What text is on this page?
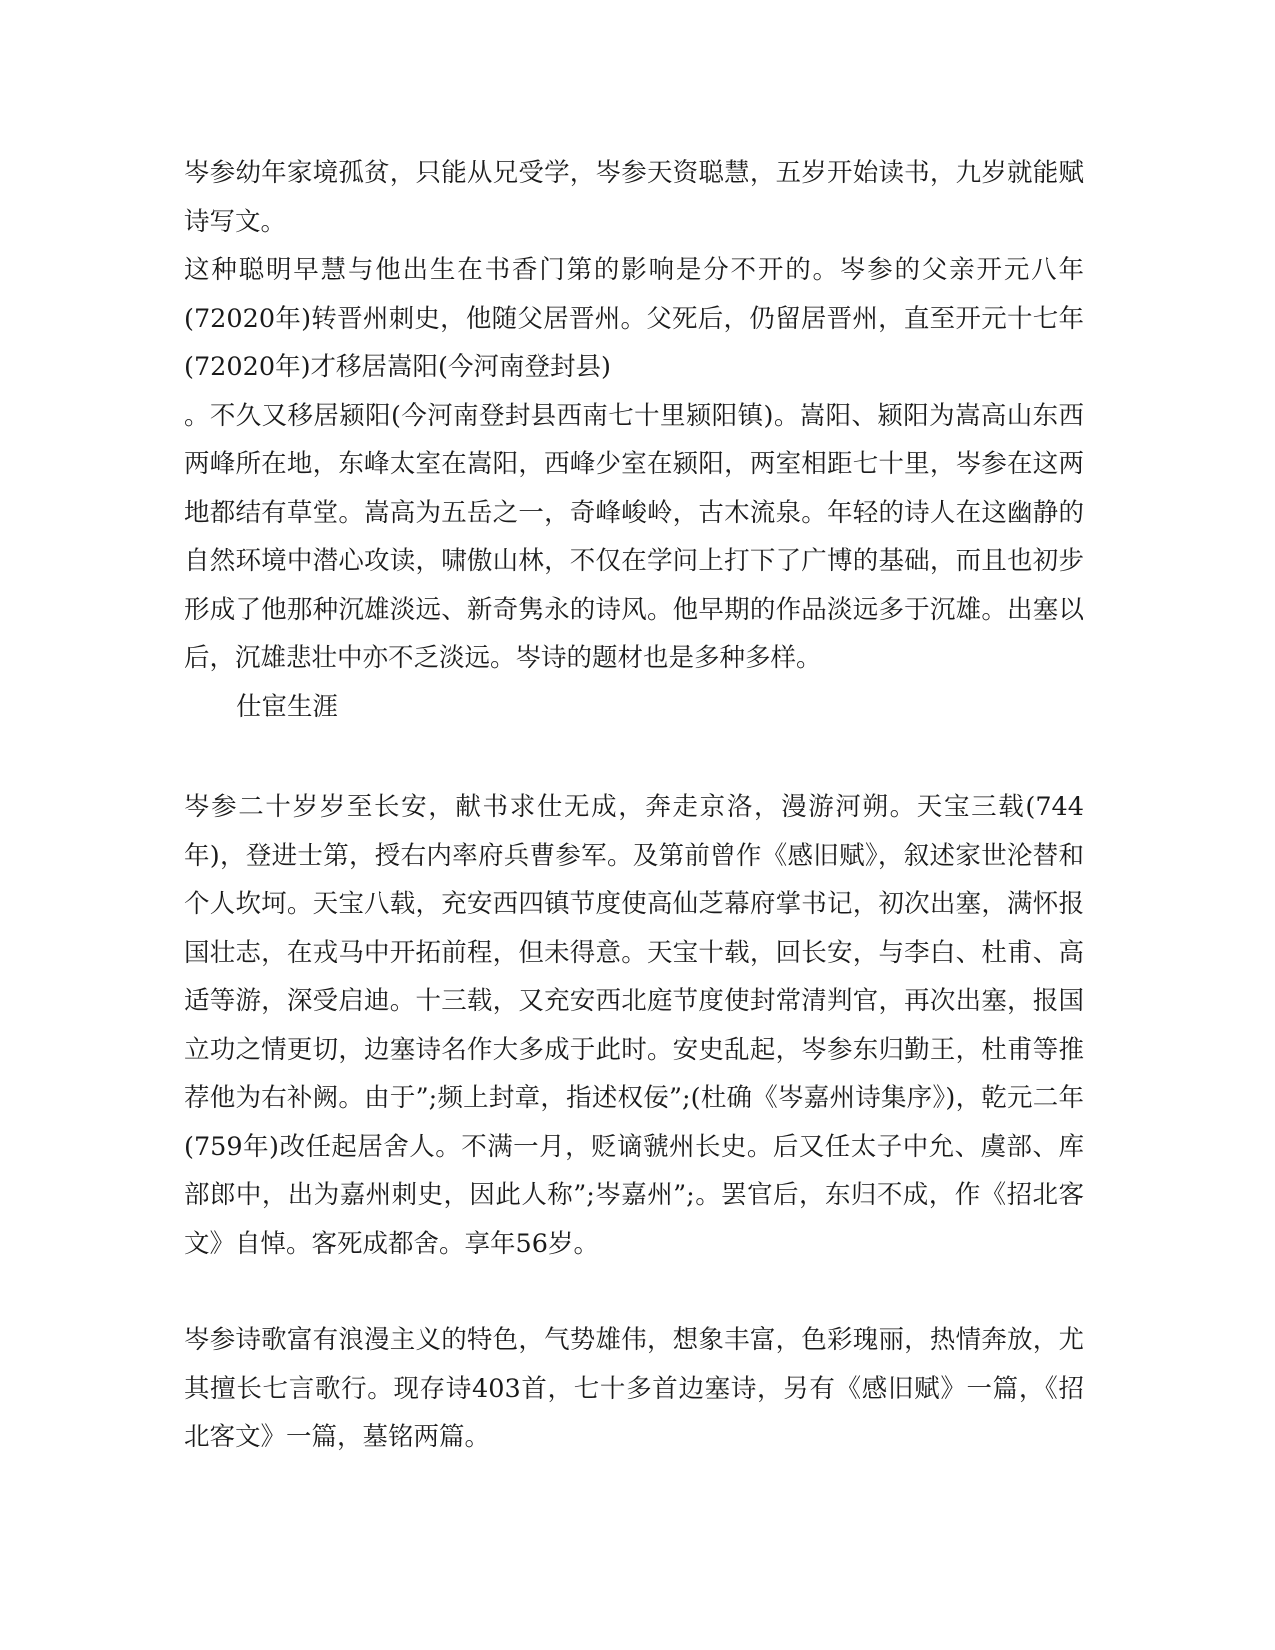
岑参幼年家境孤贫，只能从兄受学，岑参天资聪慧，五岁开始读书，九岁就能赋诗写文。

这种聪明早慧与他出生在书香门第的影响是分不开的。岑参的父亲开元八年(72020年)转晋州刺史，他随父居晋州。父死后，仍留居晋州，直至开元十七年(72020年)才移居嵩阳(今河南登封县)

。不久又移居颍阳(今河南登封县西南七十里颍阳镇)。嵩阳、颍阳为嵩高山东西两峰所在地，东峰太室在嵩阳，西峰少室在颍阳，两室相距七十里，岑参在这两地都结有草堂。嵩高为五岳之一，奇峰峻岭，古木流泉。年轻的诗人在这幽静的自然环境中潜心攻读，啸傲山林，不仅在学问上打下了广博的基础，而且也初步形成了他那种沉雄淡远、新奇隽永的诗风。他早期的作品淡远多于沉雄。出塞以后，沉雄悲壮中亦不乏淡远。岑诗的题材也是多种多样。

仕宦生涯

岑参二十岁岁至长安，献书求仕无成，奔走京洛，漫游河朔。天宝三载(744年)，登进士第，授右内率府兵曹参军。及第前曾作《感旧赋》，叙述家世沦替和个人坎坷。天宝八载，充安西四镇节度使高仙芝幕府掌书记，初次出塞，满怀报国壮志，在戎马中开拓前程，但未得意。天宝十载，回长安，与李白、杜甫、高适等游，深受启迪。十三载，又充安西北庭节度使封常清判官，再次出塞，报国立功之情更切，边塞诗名作大多成于此时。安史乱起，岑参东归勤王，杜甫等推荐他为右补阙。由于”;频上封章，指述权佞”;(杜确《岑嘉州诗集序》)，乾元二年(759年)改任起居舍人。不满一月，贬谪虢州长史。后又任太子中允、虞部、库部郎中，出为嘉州刺史，因此人称”;岑嘉州”;。罢官后，东归不成，作《招北客文》自悼。客死成都舍。享年56岁。

岑参诗歌富有浪漫主义的特色，气势雄伟，想象丰富，色彩瑰丽，热情奔放，尤其擅长七言歌行。现存诗403首，七十多首边塞诗，另有《感旧赋》一篇，《招北客文》一篇，墓铭两篇。
